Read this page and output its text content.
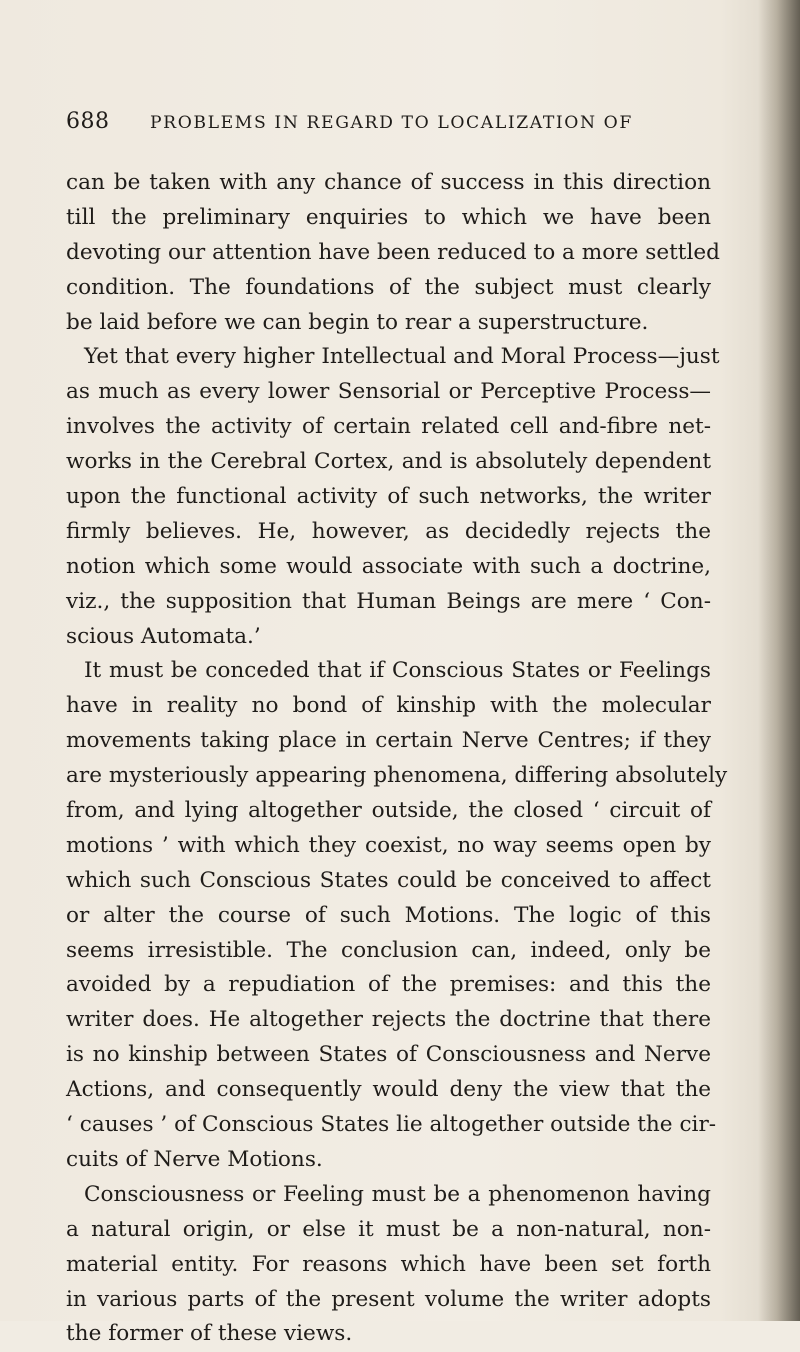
688 PROBLEMS IN REGARD TO LOCALIZATION OF
can be taken with any chance of success in this direction
till the preliminary enquiries to which we have been
devoting our attention have been reduced to a more settled
condition. The foundations of the subject must clearly
be laid before we can begin to rear a superstructure.
Yet that every higher Intellectual and Moral Process—just
as much as every lower Sensorial or Perceptive Process—
involves the activity of certain related cell and-fibre net-
works in the Cerebral Cortex, and is absolutely dependent
upon the functional activity of such networks, the writer
firmly believes. He, however, as decidedly rejects the
notion which some would associate with such a doctrine,
viz., the supposition that Human Beings are mere ‘ Con-
scious Automata.’
It must be conceded that if Conscious States or Feelings
have in reality no bond of kinship with the molecular
movements taking place in certain Nerve Centres; if they
are mysteriously appearing phenomena, differing absolutely
from, and lying altogether outside, the closed ‘ circuit of
motions ’ with which they coexist, no way seems open by
which such Conscious States could be conceived to affect
or alter the course of such Motions. The logic of this
seems irresistible. The conclusion can, indeed, only be
avoided by a repudiation of the premises: and this the
writer does. He altogether rejects the doctrine that there
is no kinship between States of Consciousness and Nerve
Actions, and consequently would deny the view that the
‘ causes ’ of Conscious States lie altogether outside the cir-
cuits of Nerve Motions.
Consciousness or Feeling must be a phenomenon having
a natural origin, or else it must be a non-natural, non-
material entity. For reasons which have been set forth
in various parts of the present volume the writer adopts
the former of these views.
